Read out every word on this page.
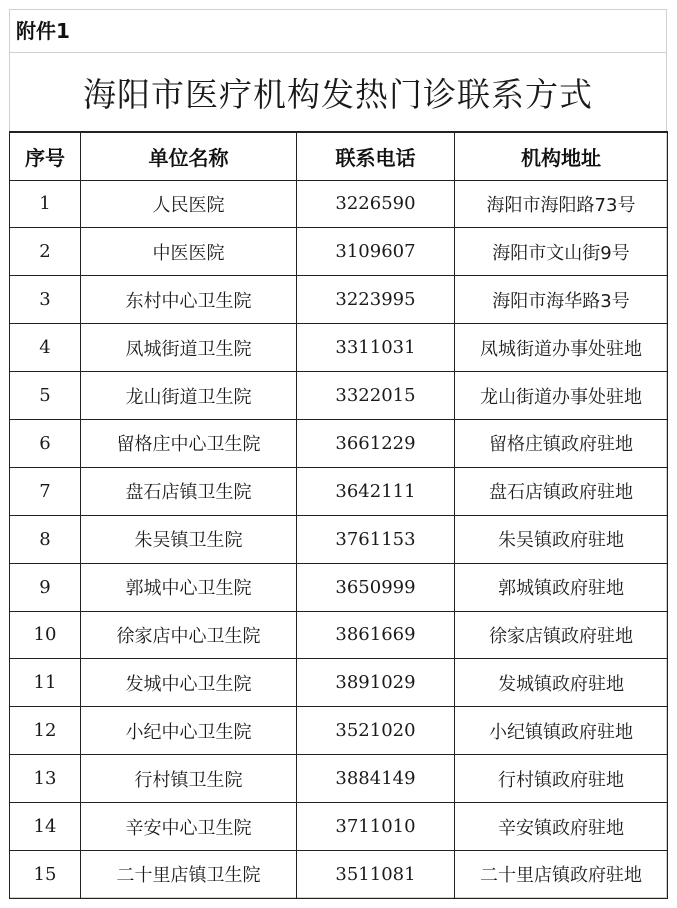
附件1
海阳市医疗机构发热门诊联系方式
序号	单位名称	联系电话	机构地址
1	人民医院	3226590	海阳市海阳路73号
2	中医医院	3109607	海阳市文山街9号
3	东村中心卫生院	3223995	海阳市海华路3号
4	凤城街道卫生院	3311031	凤城街道办事处驻地
5	龙山街道卫生院	3322015	龙山街道办事处驻地
6	留格庄中心卫生院	3661229	留格庄镇政府驻地
7	盘石店镇卫生院	3642111	盘石店镇政府驻地
8	朱吴镇卫生院	3761153	朱吴镇政府驻地
9	郭城中心卫生院	3650999	郭城镇政府驻地
10	徐家店中心卫生院	3861669	徐家店镇政府驻地
11	发城中心卫生院	3891029	发城镇政府驻地
12	小纪中心卫生院	3521020	小纪镇镇政府驻地
13	行村镇卫生院	3884149	行村镇政府驻地
14	辛安中心卫生院	3711010	辛安镇政府驻地
15	二十里店镇卫生院	3511081	二十里店镇政府驻地
